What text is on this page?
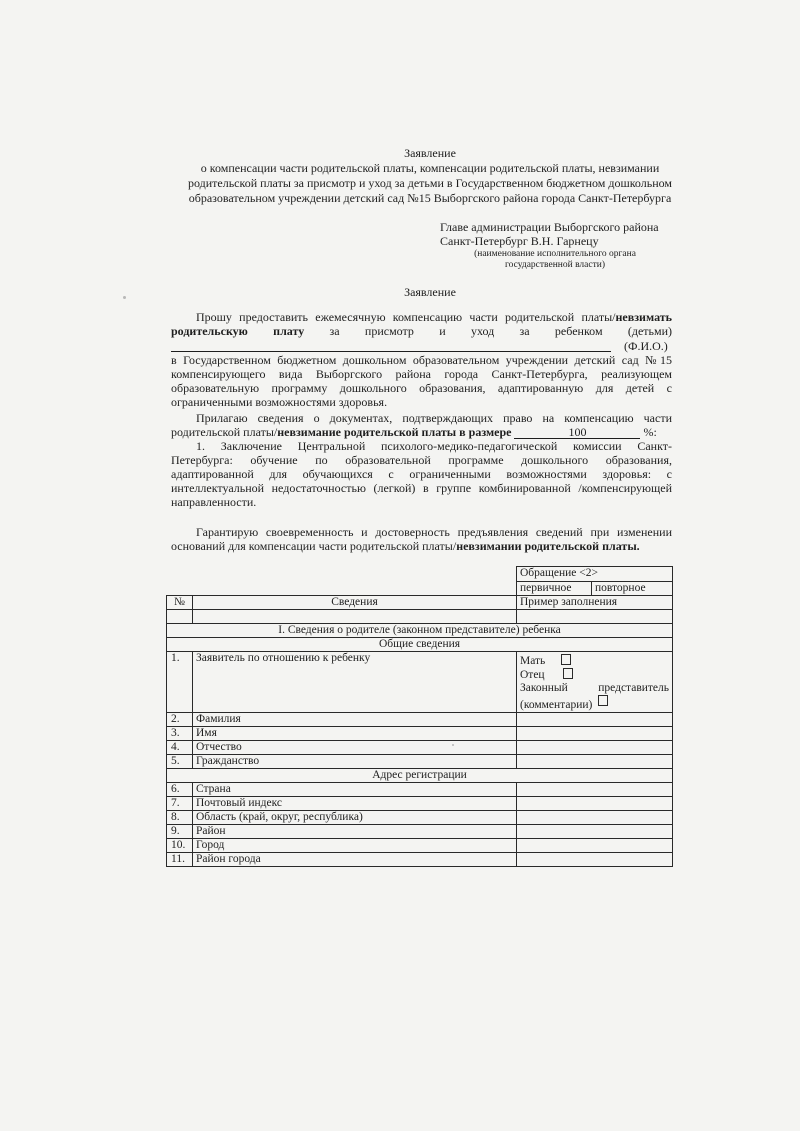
Заявление
о компенсации части родительской платы, компенсации родительской платы, невзимании
родительской платы за присмотр и уход за детьми в Государственном бюджетном дошкольном
образовательном учреждении детский сад №15 Выборгского района города Санкт-Петербурга
Главе администрации Выборгского района
Санкт-Петербург В.Н. Гарнецу
(наименование исполнительного органа
государственной власти)
Заявление
Прошу предоставить ежемесячную компенсацию части родительской платы/невзимать
родительскую плату за присмотр и уход за ребенком (детьми)
(Ф.И.О.)
в Государственном бюджетном дошкольном образовательном учреждении детский сад №15
компенсирующего вида Выборгского района города Санкт-Петербурга, реализующем
образовательную программу дошкольного образования, адаптированную для детей с
ограниченными возможностями здоровья.
Прилагаю сведения о документах, подтверждающих право на компенсацию части
родительской платы/невзимание родительской платы в размере	100	%:
1. Заключение Центральной психолого-медико-педагогической комиссии Санкт-
Петербурга: обучение по образовательной программе дошкольного образования,
адаптированной для обучающихся с ограниченными возможностями здоровья: с
интеллектуальной недостаточностью (легкой) в группе комбинированной /компенсирующей
направленности.
Гарантирую своевременность и достоверность предъявления сведений при изменении
оснований для компенсации части родительской платы/невзимании родительской платы.
		Обращение <2>	
		первичное	повторное
№	Сведения	Пример заполнения	

I. Сведения о родителе (законном представителе) ребенка			
Общие сведения			
1.	Заявитель по отношению к ребенку	Мать
Отец
Законный представитель
(комментарии)	

2.	Фамилия		
3.	Имя		
4.	Отчество		
5.	Гражданство		
Адрес регистрации			
6.	Страна		
7.	Почтовый индекс		
8.	Область (край, округ, республика)		
9.	Район		
10.	Город		
11.	Район города		
